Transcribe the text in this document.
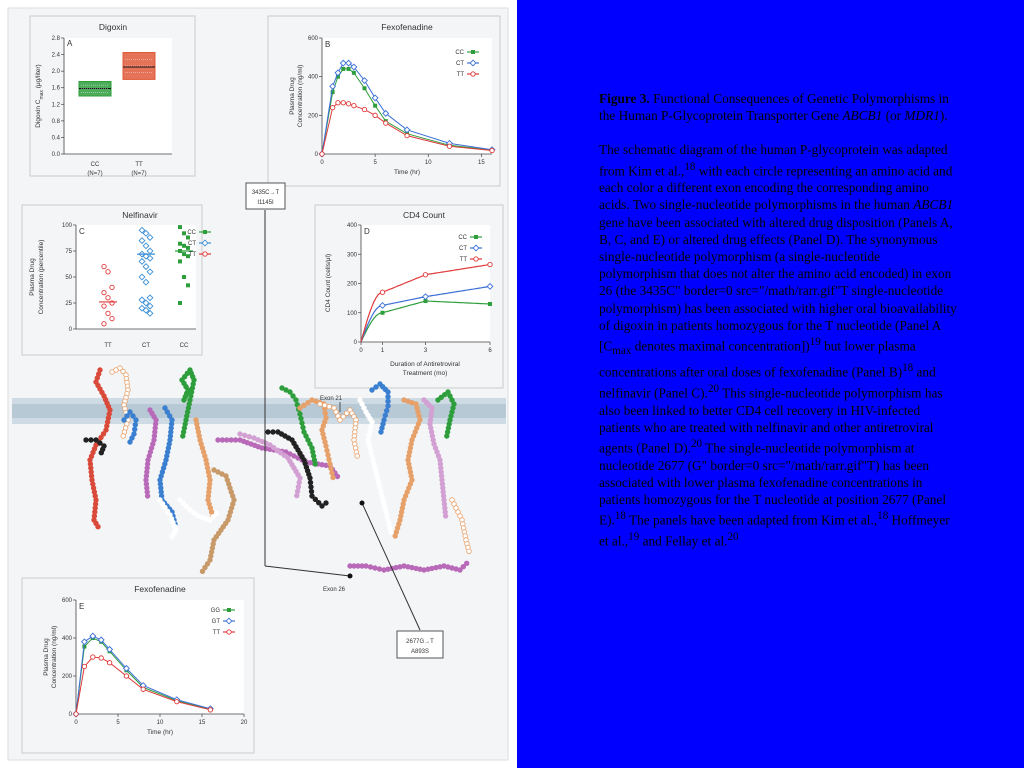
Digoxin
0.0
0.4
0.8
1.2
1.6
2.0
2.4
2.8 A
CC
(N=7)
TT
(N=7)
Digoxin $C_{max}$ (μg/liter)
Fexofenadine
0
200
400
600
0	5	10	15
B
CC
CT
TT
Time (hr)
Plasma Drug Concentration (ng/ml)
Nelfinavir
0
25
50
75
100
C
TT	CT	CC
CC
CT
TT
Plasma Drug Concentration (percentile)
CD4 Count
0
100
200
300
400
0	1	3	6
D
CC
CT
TT
Duration of Antiretroviral
Treatment (mo)
CD4 Count (cells/μl)
Fexofenadine
0
200
400
600
0	5	10	15	20
E	GG
GT
TT
Time (hr)
Plasma Drug Concentration (ng/ml)
3435C→T
I1145I
2677G→T
A893S
Exon 21
Exon 26

Figure 3. Functional Consequences of Genetic Polymorphisms in the Human P-Glycoprotein Transporter Gene ABCB1 (or MDR1).

The schematic diagram of the human P-glycoprotein was adapted from Kim et al.,$^{18}$ with each circle representing an amino acid and each color a different exon encoding the corresponding amino acids. Two single-nucleotide polymorphisms in the human ABCB1 gene have been associated with altered drug disposition (Panels A, B, C, and E) or altered drug effects (Panel D). The synonymous single-nucleotide polymorphism (a single-nucleotide polymorphism that does not alter the amino acid encoded) in exon 26 (the 3435C" border=0 src="/math/rarr.gif"T single-nucleotide polymorphism) has been associated with higher oral bioavailability of digoxin in patients homozygous for the T nucleotide (Panel A [$C_{max}$ denotes maximal concentration])$^{19}$ but lower plasma concentrations after oral doses of fexofenadine (Panel B)$^{18}$ and nelfinavir (Panel C).$^{20}$ This single-nucleotide polymorphism has also been linked to better CD4 cell recovery in HIV-infected patients who are treated with nelfinavir and other antiretroviral agents (Panel D).$^{20}$ The single-nucleotide polymorphism at nucleotide 2677 (G" border=0 src="/math/rarr.gif"T) has been associated with lower plasma fexofenadine concentrations in patients homozygous for the T nucleotide at position 2677 (Panel E).$^{18}$ The panels have been adapted from Kim et al.,$^{18}$ Hoffmeyer et al.,$^{19}$ and Fellay et al.$^{20}$
